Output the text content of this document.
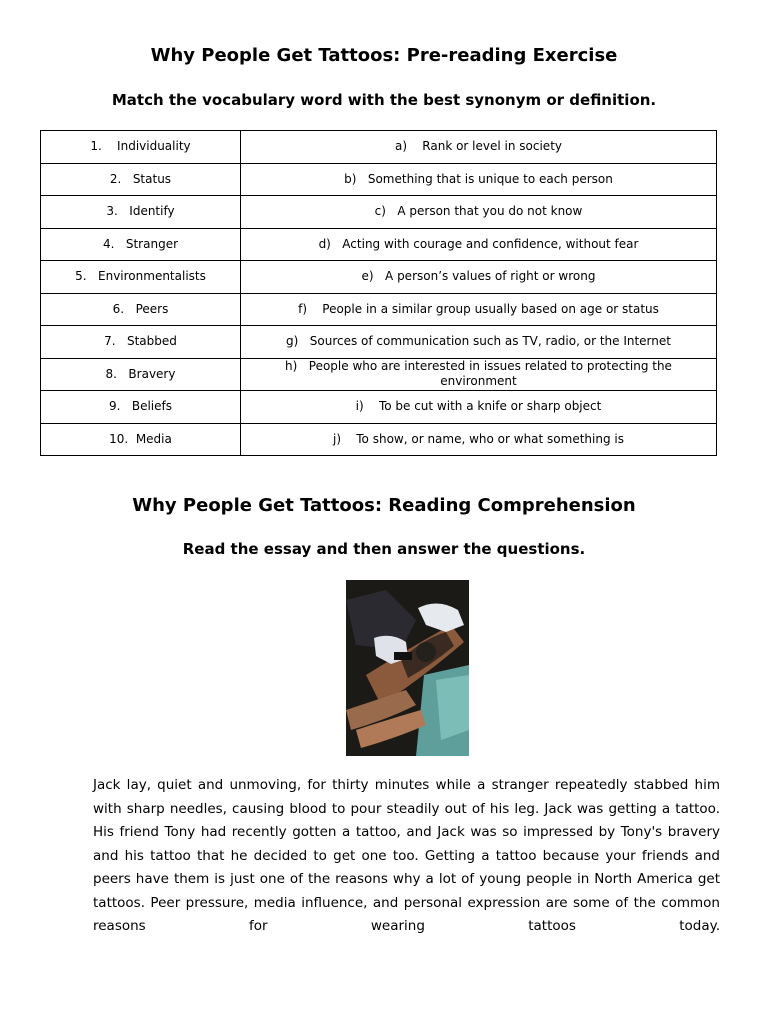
Why People Get Tattoos: Pre-reading Exercise
Match the vocabulary word with the best synonym or definition.
1.    Individuality	a)    Rank or level in society
2.   Status	b)   Something that is unique to each person
3.   Identify	c)   A person that you do not know
4.   Stranger	d)   Acting with courage and confidence, without fear
5.   Environmentalists	e)   A person’s values of right or wrong
6.   Peers	f)    People in a similar group usually based on age or status
7.   Stabbed	g)   Sources of communication such as TV, radio, or the Internet
8.   Bravery	h)   People who are interested in issues related to protecting the environment
9.   Beliefs	i)    To be cut with a knife or sharp object
10.  Media	j)    To show, or name, who or what something is
Why People Get Tattoos: Reading Comprehension
Read the essay and then answer the questions.
Jack lay, quiet and unmoving, for thirty minutes while a stranger repeatedly stabbed him with sharp needles, causing blood to pour steadily out of his leg. Jack was getting a tattoo. His friend Tony had recently gotten a tattoo, and Jack was so impressed by Tony's bravery and his tattoo that he decided to get one too. Getting a tattoo because your friends and peers have them is just one of the reasons why a lot of young people in North America get tattoos. Peer pressure, media influence, and personal expression are some of the common reasons for wearing tattoos today.
